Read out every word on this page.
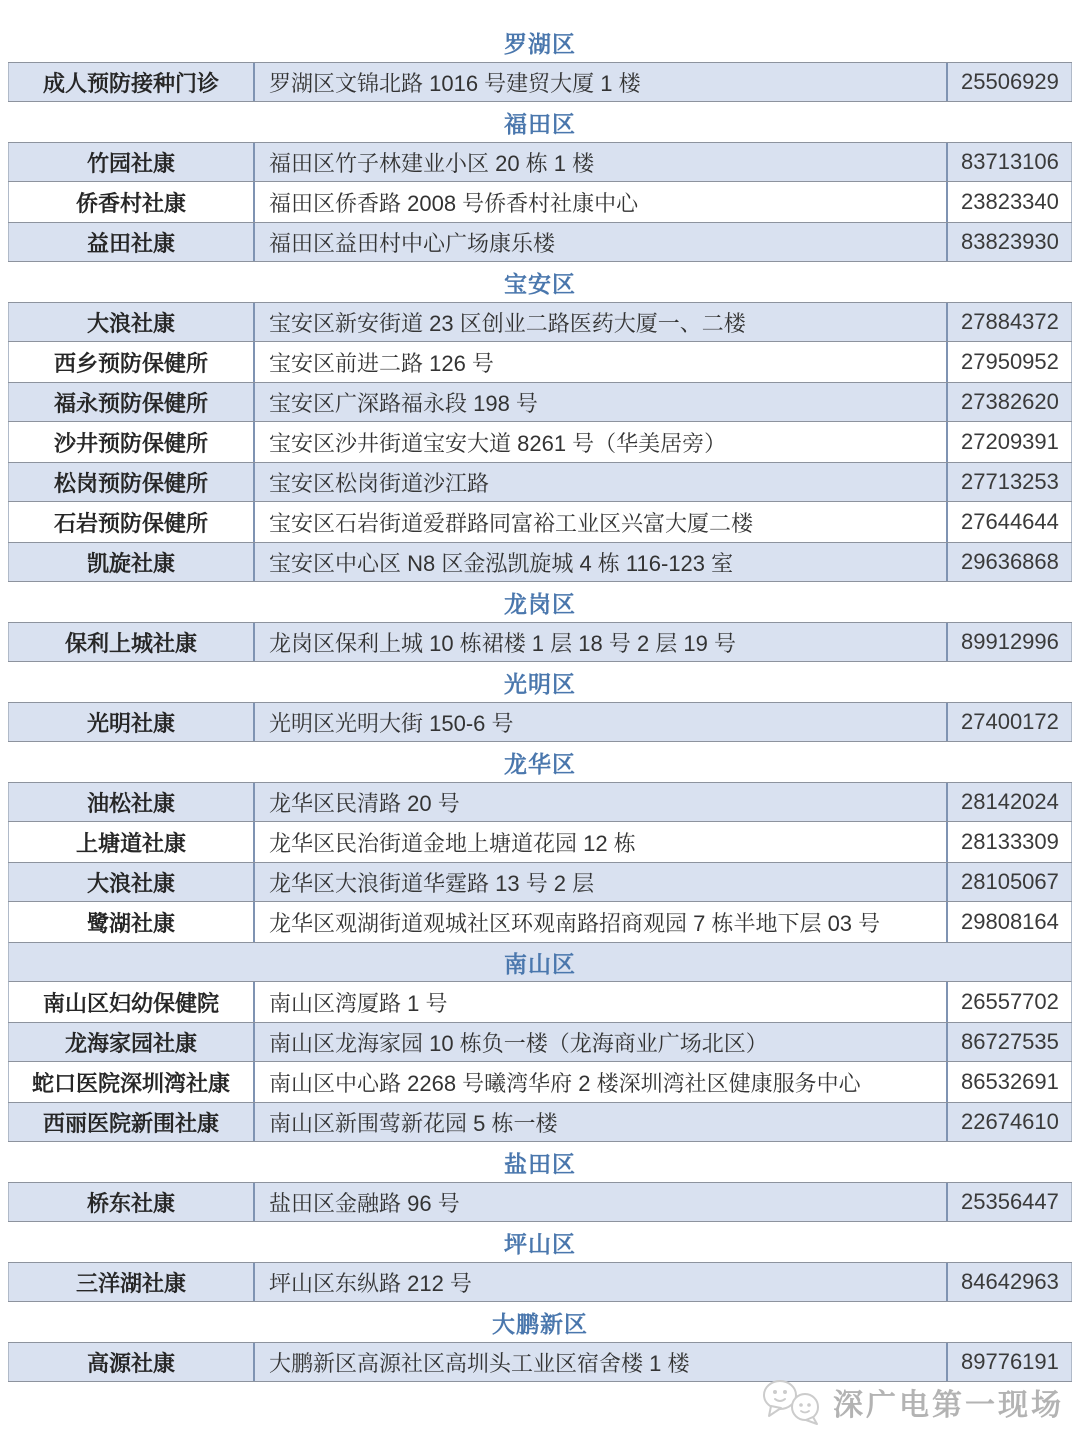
罗湖区
成人预防接种门诊	罗湖区文锦北路 1016 号建贸大厦 1 楼	25506929
福田区
竹园社康	福田区竹子林建业小区 20 栋 1 楼	83713106
侨香村社康	福田区侨香路 2008 号侨香村社康中心	23823340
益田社康	福田区益田村中心广场康乐楼	83823930
宝安区
大浪社康	宝安区新安街道 23 区创业二路医药大厦一、二楼	27884372
西乡预防保健所	宝安区前进二路 126 号	27950952
福永预防保健所	宝安区广深路福永段 198 号	27382620
沙井预防保健所	宝安区沙井街道宝安大道 8261 号（华美居旁）	27209391
松岗预防保健所	宝安区松岗街道沙江路	27713253
石岩预防保健所	宝安区石岩街道爱群路同富裕工业区兴富大厦二楼	27644644
凯旋社康	宝安区中心区 N8 区金泓凯旋城 4 栋 116-123 室	29636868
龙岗区
保利上城社康	龙岗区保利上城 10 栋裙楼 1 层 18 号 2 层 19 号	89912996
光明区
光明社康	光明区光明大街 150-6 号	27400172
龙华区
油松社康	龙华区民清路 20 号	28142024
上塘道社康	龙华区民治街道金地上塘道花园 12 栋	28133309
大浪社康	龙华区大浪街道华霆路 13 号 2 层	28105067
鹭湖社康	龙华区观湖街道观城社区环观南路招商观园 7 栋半地下层 03 号	29808164
南山区
南山区妇幼保健院	南山区湾厦路 1 号	26557702
龙海家园社康	南山区龙海家园 10 栋负一楼（龙海商业广场北区）	86727535
蛇口医院深圳湾社康	南山区中心路 2268 号曦湾华府 2 楼深圳湾社区健康服务中心	86532691
西丽医院新围社康	南山区新围莺新花园 5 栋一楼	22674610
盐田区
桥东社康	盐田区金融路 96 号	25356447
坪山区
三洋湖社康	坪山区东纵路 212 号	84642963
大鹏新区
高源社康	大鹏新区高源社区高圳头工业区宿舍楼 1 楼	89776191
深广电第一现场
